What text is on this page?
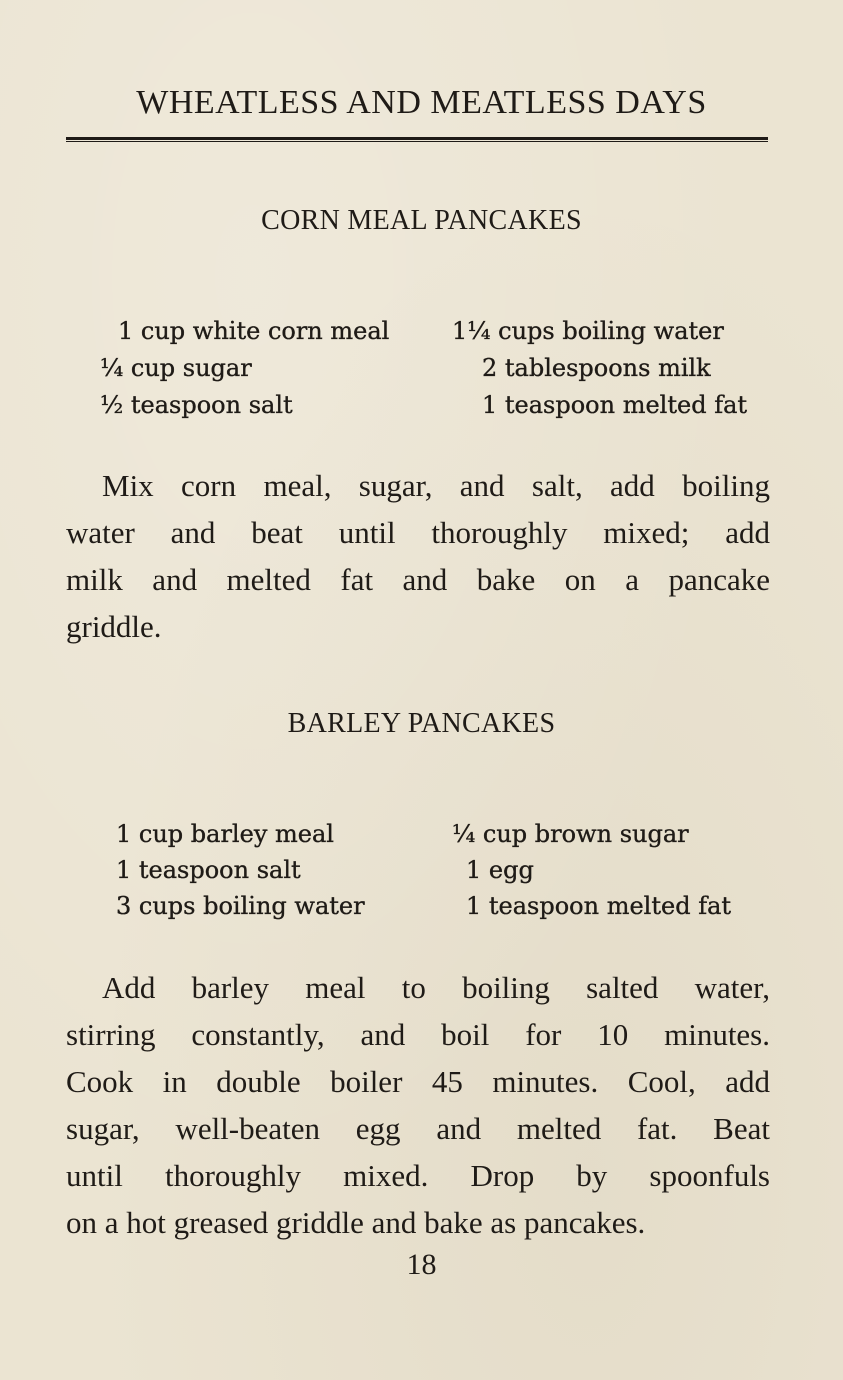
WHEATLESS AND MEATLESS DAYS
CORN MEAL PANCAKES
1 cup white corn meal
¼ cup sugar
½ teaspoon salt
1¼ cups boiling water
2 tablespoons milk
1 teaspoon melted fat

Mix corn meal, sugar, and salt, add boiling
water and beat until thoroughly mixed; add
milk and melted fat and bake on a pancake
griddle.

BARLEY PANCAKES
1 cup barley meal
1 teaspoon salt
3 cups boiling water
¼ cup brown sugar
1 egg
1 teaspoon melted fat

Add barley meal to boiling salted water,
stirring constantly, and boil for 10 minutes.
Cook in double boiler 45 minutes. Cool, add
sugar, well-beaten egg and melted fat. Beat
until thoroughly mixed. Drop by spoonfuls
on a hot greased griddle and bake as pancakes.

18
